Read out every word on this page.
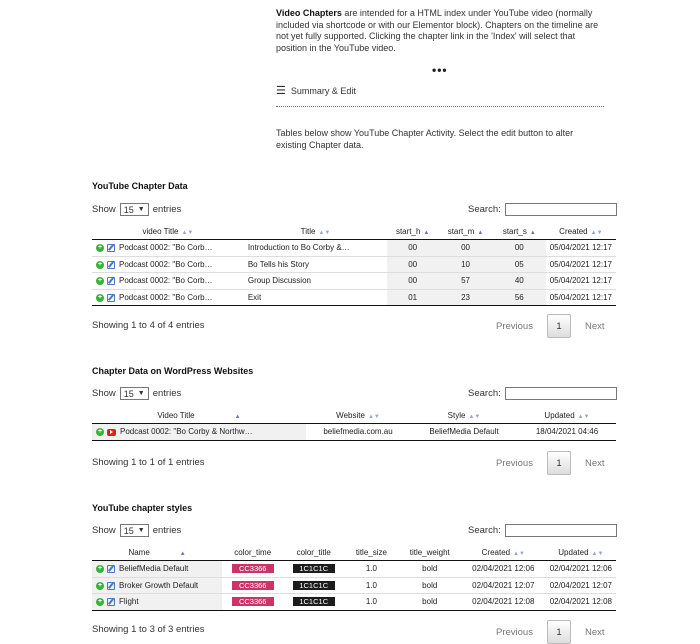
Video Chapters are intended for a HTML index under YouTube video (normally included via shortcode or with our Elementor block). Chapters on the timeline are not yet fully supported. Clicking the chapter link in the 'Index' will select that position in the YouTube video.
•••
☰ Summary & Edit
Tables below show YouTube Chapter Activity. Select the edit button to alter existing Chapter data.
YouTube Chapter Data
Show 15 ▼ entries	Search:
video Title ▲▼	Title ▲▼	start_h ▲	start_m ▲	start_s ▲	Created ▲▼

+ Podcast 0002: "Bo Corb…	Introduction to Bo Corby &…	00	00	00	05/04/2021 12:17

+ Podcast 0002: "Bo Corb…	Bo Tells his Story	00	10	05	05/04/2021 12:17

+ Podcast 0002: "Bo Corb…	Group Discussion	00	57	40	05/04/2021 12:17

+ Podcast 0002: "Bo Corb…	Exit	01	23	56	05/04/2021 12:17
Showing 1 to 4 of 4 entries	Previous	1	Next
Chapter Data on WordPress Websites
Show 15 ▼ entries	Search:
Video Title ▲	Website ▲▼	Style ▲▼	Updated ▲▼

+ Podcast 0002: "Bo Corby & Northw…	beliefmedia.com.au	BeliefMedia Default	18/04/2021 04:46
Showing 1 to 1 of 1 entries	Previous	1	Next
YouTube chapter styles
Show 15 ▼ entries	Search:
Name ▲	color_time	color_title	title_size	title_weight	Created ▲▼	Updated ▲▼

+ BeliefMedia Default	CC3366	1C1C1C	1.0	bold	02/04/2021 12:06	02/04/2021 12:06

+ Broker Growth Default	CC3366	1C1C1C	1.0	bold	02/04/2021 12:07	02/04/2021 12:07

+ Flight	CC3366	1C1C1C	1.0	bold	02/04/2021 12:08	02/04/2021 12:08
Showing 1 to 3 of 3 entries	Previous	1	Next
